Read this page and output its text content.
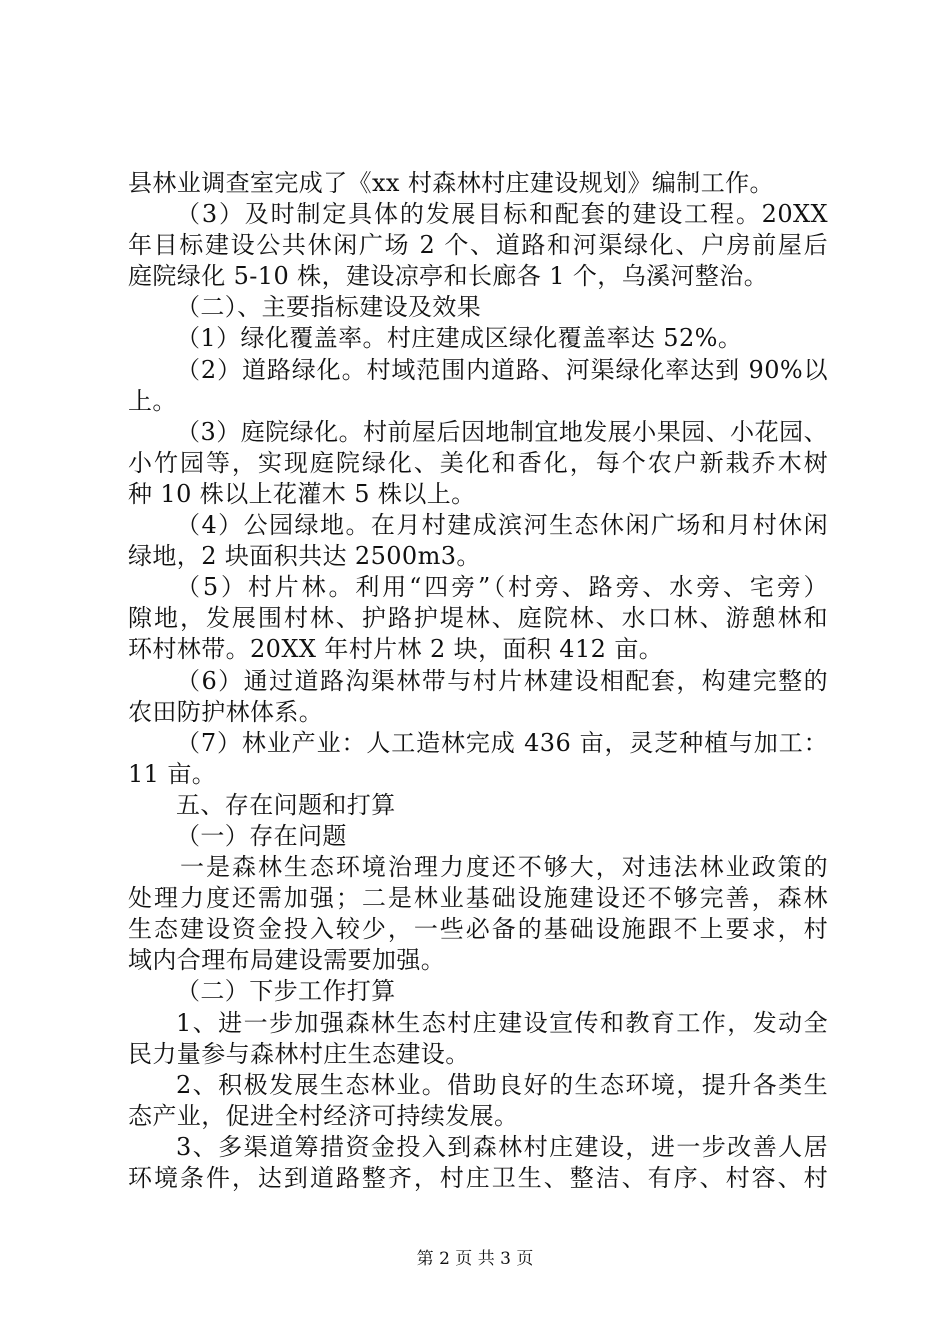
县林业调查室完成了《xx 村森林村庄建设规划》编制工作。
（3）及时制定具体的发展目标和配套的建设工程。20XX
年目标建设公共休闲广场 2 个、道路和河渠绿化、户房前屋后
庭院绿化 5-10 株，建设凉亭和长廊各 1 个，乌溪河整治。
（二）、主要指标建设及效果
（1）绿化覆盖率。村庄建成区绿化覆盖率达 52%。
（2）道路绿化。村域范围内道路、河渠绿化率达到 90%以
上。
（3）庭院绿化。村前屋后因地制宜地发展小果园、小花园、
小竹园等，实现庭院绿化、美化和香化，每个农户新栽乔木树
种 10 株以上花灌木 5 株以上。
（4）公园绿地。在月村建成滨河生态休闲广场和月村休闲
绿地，2 块面积共达 2500m3。
（5）村片林。利用“四旁”（村旁、路旁、水旁、宅旁）
隙地，发展围村林、护路护堤林、庭院林、水口林、游憩林和
环村林带。20XX 年村片林 2 块，面积 412 亩。
（6）通过道路沟渠林带与村片林建设相配套，构建完整的
农田防护林体系。
（7）林业产业：人工造林完成 436 亩，灵芝种植与加工：
11 亩。
五、存在问题和打算
（一）存在问题
一是森林生态环境治理力度还不够大，对违法林业政策的
处理力度还需加强；二是林业基础设施建设还不够完善，森林
生态建设资金投入较少，一些必备的基础设施跟不上要求，村
域内合理布局建设需要加强。
（二）下步工作打算
1、进一步加强森林生态村庄建设宣传和教育工作，发动全
民力量参与森林村庄生态建设。
2、积极发展生态林业。借助良好的生态环境，提升各类生
态产业，促进全村经济可持续发展。
3、多渠道筹措资金投入到森林村庄建设，进一步改善人居
环境条件，达到道路整齐，村庄卫生、整洁、有序、村容、村
第 2 页 共 3 页
